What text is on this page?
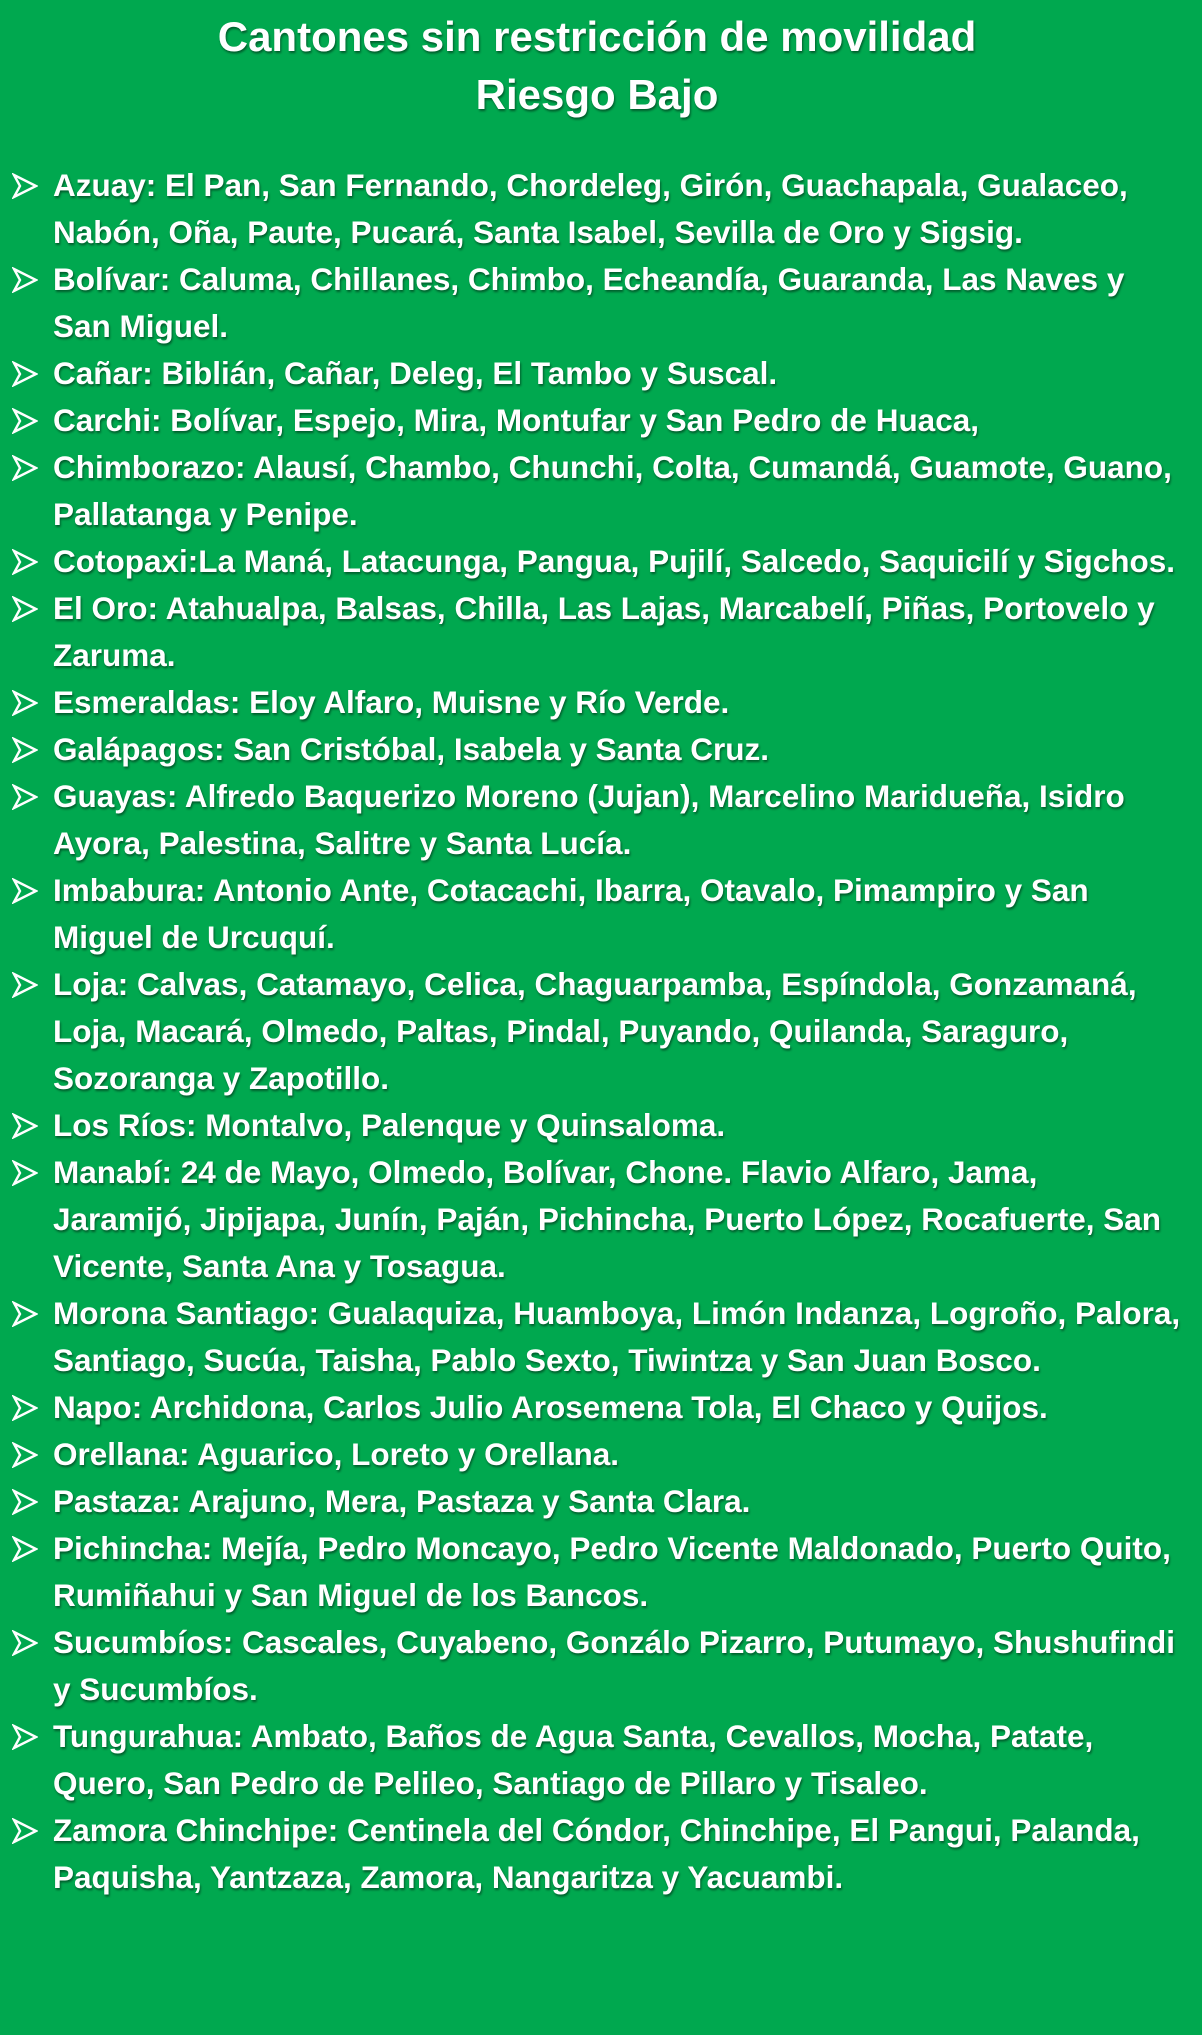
Cantones sin restricción de movilidad
Riesgo Bajo
Azuay: El Pan, San Fernando, Chordeleg, Girón, Guachapala, Gualaceo, Nabón, Oña, Paute, Pucará, Santa Isabel, Sevilla de Oro y Sigsig.
Bolívar: Caluma, Chillanes, Chimbo, Echeandía, Guaranda, Las Naves y San Miguel.
Cañar: Biblián, Cañar, Deleg, El Tambo y Suscal.
Carchi: Bolívar, Espejo, Mira, Montufar y San Pedro de Huaca,
Chimborazo: Alausí, Chambo, Chunchi, Colta, Cumandá, Guamote, Guano, Pallatanga y Penipe.
Cotopaxi:La Maná, Latacunga, Pangua, Pujilí, Salcedo, Saquicilí y Sigchos.
El Oro: Atahualpa, Balsas, Chilla, Las Lajas, Marcabelí, Piñas, Portovelo y Zaruma.
Esmeraldas: Eloy Alfaro, Muisne y Río Verde.
Galápagos: San Cristóbal, Isabela y Santa Cruz.
Guayas: Alfredo Baquerizo Moreno (Jujan), Marcelino Maridueña, Isidro Ayora, Palestina, Salitre y Santa Lucía.
Imbabura: Antonio Ante, Cotacachi, Ibarra, Otavalo, Pimampiro y San Miguel de Urcuquí.
Loja: Calvas, Catamayo, Celica, Chaguarpamba, Espíndola, Gonzamaná, Loja, Macará, Olmedo, Paltas, Pindal, Puyando, Quilanda, Saraguro, Sozoranga y Zapotillo.
Los Ríos: Montalvo, Palenque y Quinsaloma.
Manabí: 24 de Mayo, Olmedo, Bolívar, Chone. Flavio Alfaro, Jama, Jaramijó, Jipijapa, Junín, Paján, Pichincha, Puerto López, Rocafuerte, San Vicente, Santa Ana y Tosagua.
Morona Santiago: Gualaquiza, Huamboya, Limón Indanza, Logroño, Palora, Santiago, Sucúa, Taisha, Pablo Sexto, Tiwintza y San Juan Bosco.
Napo: Archidona, Carlos Julio Arosemena Tola, El Chaco y Quijos.
Orellana: Aguarico, Loreto y Orellana.
Pastaza: Arajuno, Mera, Pastaza y Santa Clara.
Pichincha: Mejía, Pedro Moncayo, Pedro Vicente Maldonado, Puerto Quito, Rumiñahui y San Miguel de los Bancos.
Sucumbíos: Cascales, Cuyabeno, Gonzálo Pizarro, Putumayo, Shushufindi y Sucumbíos.
Tungurahua: Ambato, Baños de Agua Santa, Cevallos, Mocha, Patate, Quero, San Pedro de Pelileo, Santiago de Pillaro y Tisaleo.
Zamora Chinchipe: Centinela del Cóndor, Chinchipe, El Pangui, Palanda, Paquisha, Yantzaza, Zamora, Nangaritza y Yacuambi.
